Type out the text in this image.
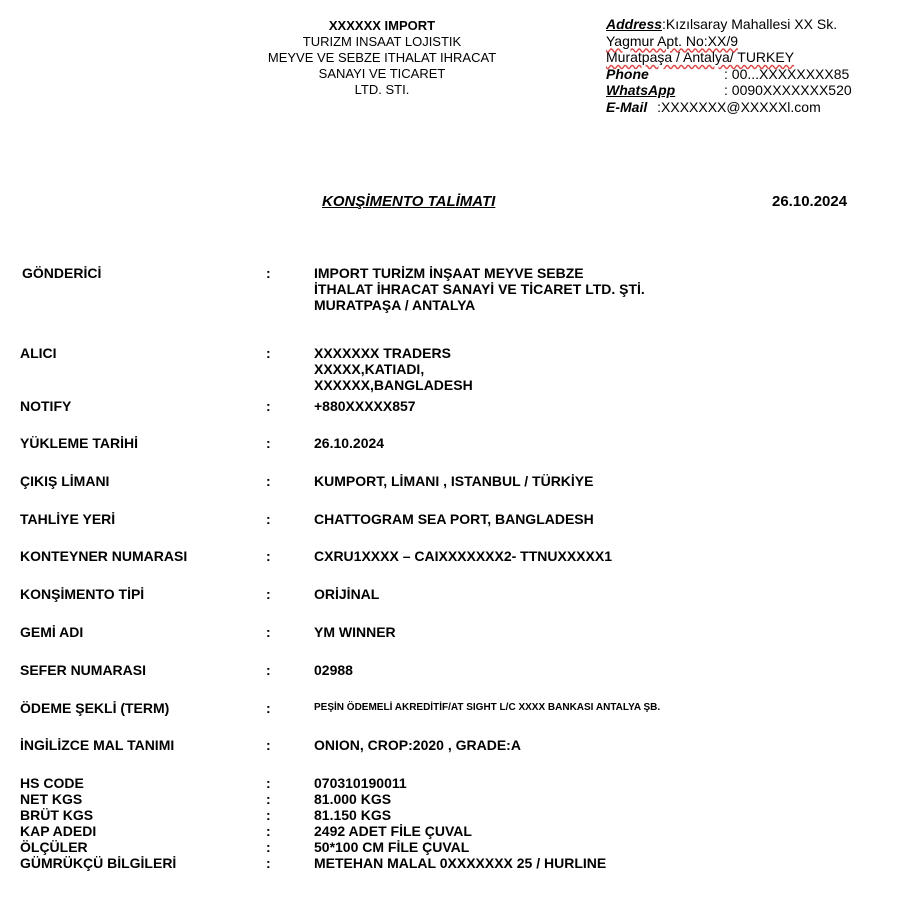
XXXXXX IMPORT
TURIZM INSAAT LOJISTIK
MEYVE VE SEBZE ITHALAT IHRACAT
SANAYI VE TICARET
LTD. STI.
Address:Kızılsaray Mahallesi XX Sk.
Yagmur Apt. No:XX/9
Muratpaşa / Antalya/ TURKEY
Phone	: 00...XXXXXXXX85
WhatsApp	: 0090XXXXXXX520
E-Mail :XXXXXXX@XXXXXl.com
KONŞİMENTO TALİMATI	26.10.2024
GÖNDERİCİ	:	IMPORT TURİZM İNŞAAT MEYVE SEBZE
İTHALAT İHRACAT SANAYİ VE TİCARET LTD. ŞTİ.
MURATPAŞA / ANTALYA
ALICI	:	XXXXXXX TRADERS
XXXXX,KATIADI,
XXXXXX,BANGLADESH
NOTIFY	:	+880XXXXX857
YÜKLEME TARİHİ	:	26.10.2024
ÇIKIŞ LİMANI	:	KUMPORT, LİMANI , ISTANBUL / TÜRKİYE
TAHLİYE YERİ	:	CHATTOGRAM SEA PORT, BANGLADESH
KONTEYNER NUMARASI	:	CXRU1XXXX – CAIXXXXXXX2- TTNUXXXXX1
KONŞİMENTO TİPİ	:	ORİJİNAL
GEMİ ADI	:	YM WINNER
SEFER NUMARASI	:	02988
ÖDEME ŞEKLİ (TERM)	:	PEŞİN ÖDEMELİ AKREDİTİF/AT SIGHT L/C XXXX BANKASI ANTALYA ŞB.
İNGİLİZCE MAL TANIMI	:	ONION, CROP:2020 , GRADE:A
HS CODE	:	070310190011
NET KGS	:	81.000 KGS
BRÜT KGS	:	81.150 KGS
KAP ADEDI	:	2492 ADET FİLE ÇUVAL
ÖLÇÜLER	:	50*100 CM FİLE ÇUVAL
GÜMRÜKÇÜ BİLGİLERİ	:	METEHAN MALAL 0XXXXXXX 25 / HURLINE
